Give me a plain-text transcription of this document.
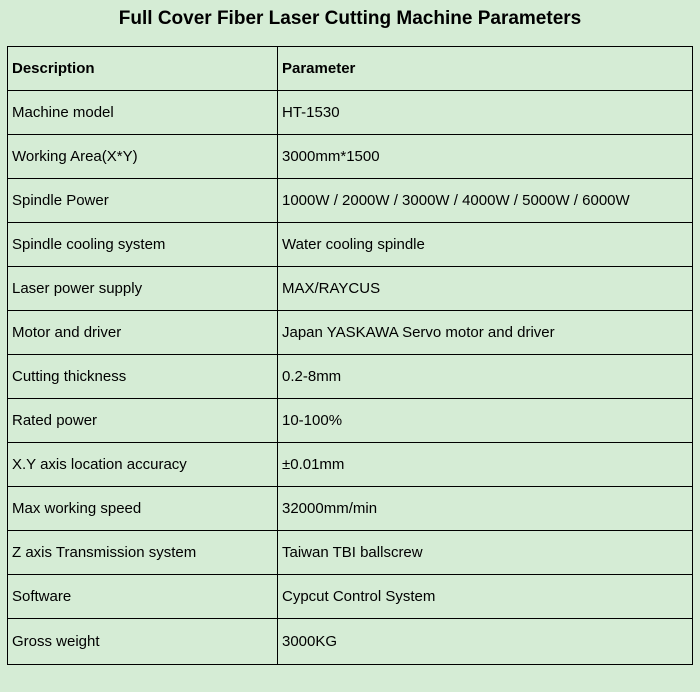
Full Cover Fiber Laser Cutting Machine Parameters
Description	Parameter
Machine model	HT-1530
Working Area(X*Y)	3000mm*1500
Spindle Power	1000W / 2000W / 3000W / 4000W / 5000W / 6000W
Spindle cooling system	Water cooling spindle
Laser power supply	MAX/RAYCUS
Motor and driver	Japan YASKAWA Servo motor and driver
Cutting thickness	0.2-8mm
Rated power	10-100%
X.Y axis location accuracy	±0.01mm
Max working speed	32000mm/min
Z axis Transmission system	Taiwan TBI ballscrew
Software	Cypcut Control System
Gross weight	3000KG
